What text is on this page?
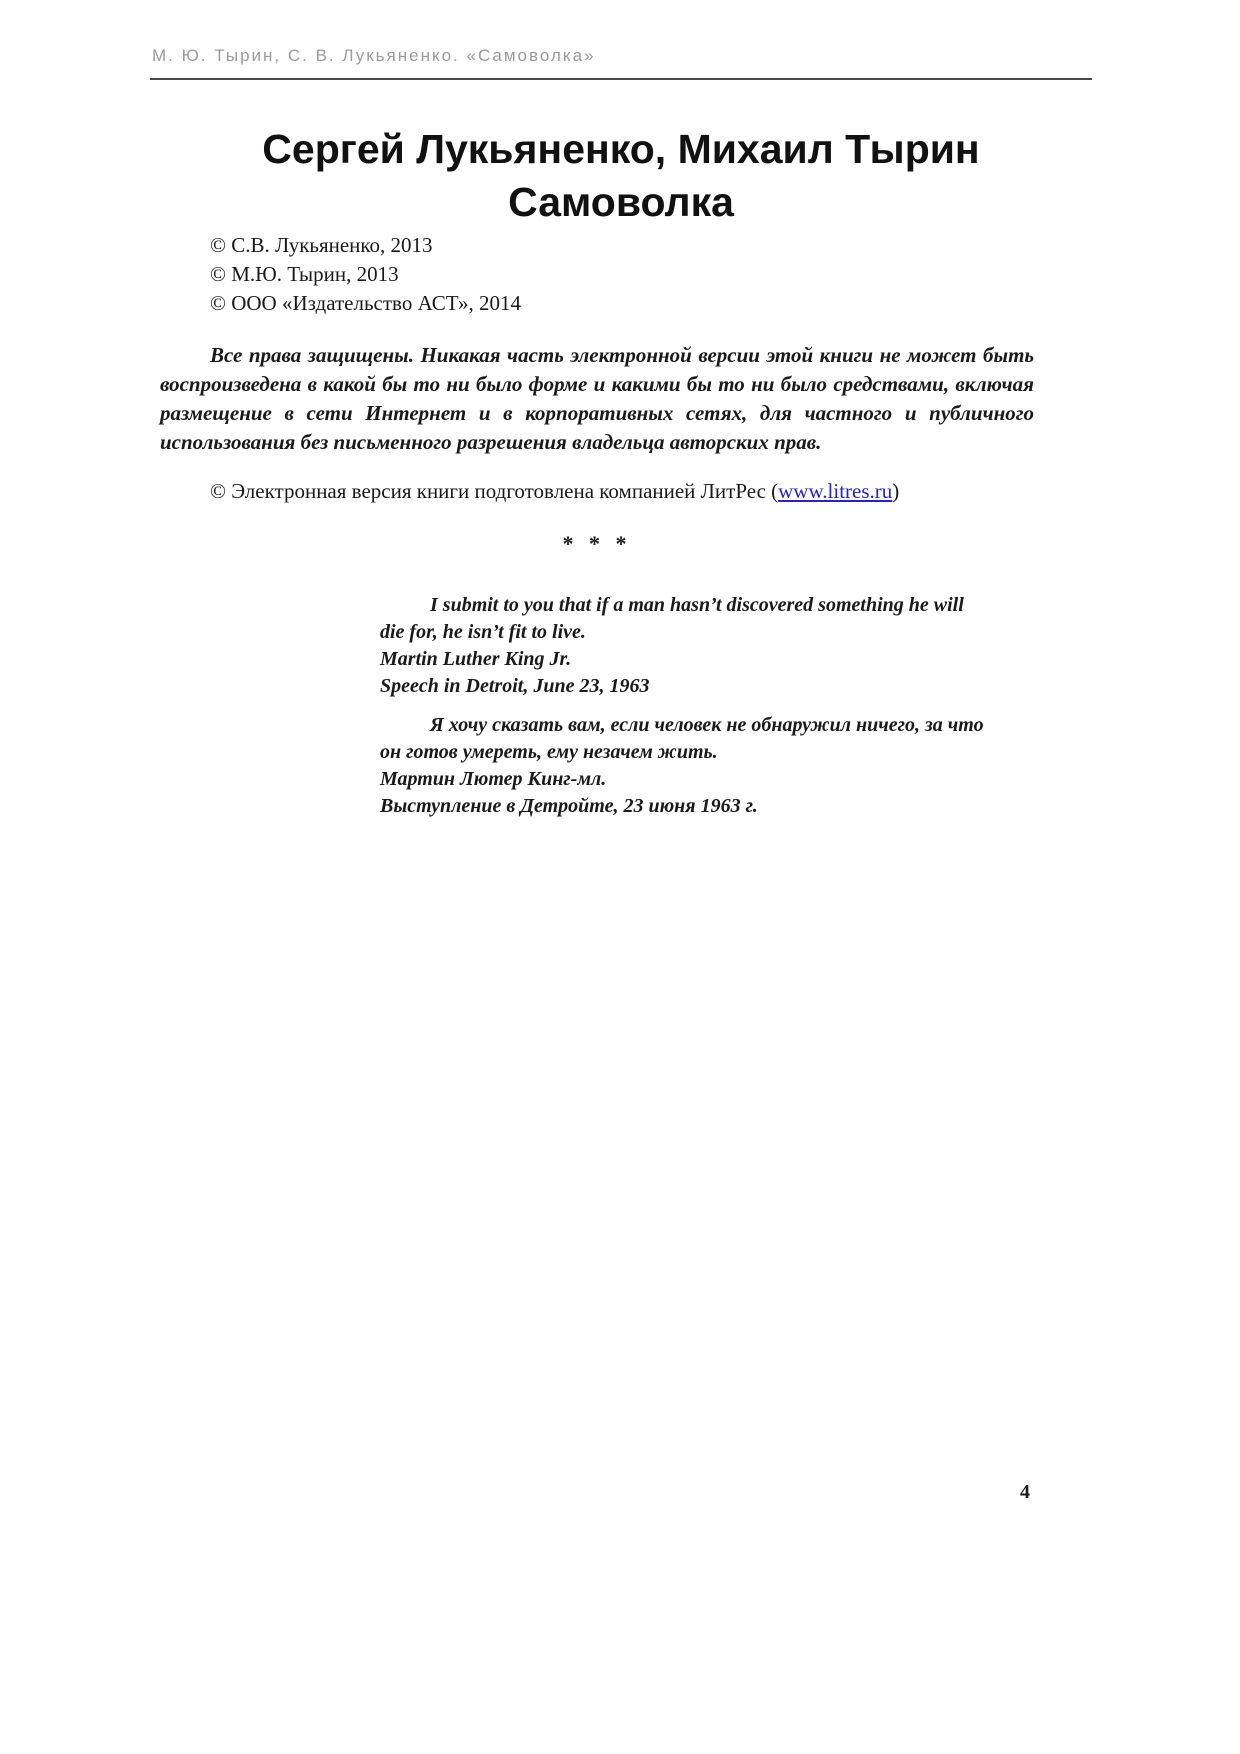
М. Ю. Тырин, С. В. Лукьяненко. «Самоволка»
Сергей Лукьяненко, Михаил Тырин
Самоволка
© С.В. Лукьяненко, 2013
© М.Ю. Тырин, 2013
© ООО «Издательство АСТ», 2014

Все права защищены. Никакая часть электронной версии этой книги не может быть воспроизведена в какой бы то ни было форме и какими бы то ни было средствами, включая размещение в сети Интернет и в корпоративных сетях, для частного и публичного использования без письменного разрешения владельца авторских прав.

© Электронная версия книги подготовлена компанией ЛитРес (www.litres.ru)

* * *

I submit to you that if a man hasn’t discovered something he will die for, he isn’t fit to live.

Martin Luther King Jr.

Speech in Detroit, June 23, 1963

Я хочу сказать вам, если человек не обнаружил ничего, за что он готов умереть, ему незачем жить.

Мартин Лютер Кинг-мл.

Выступление в Детройте, 23 июня 1963 г.

4
